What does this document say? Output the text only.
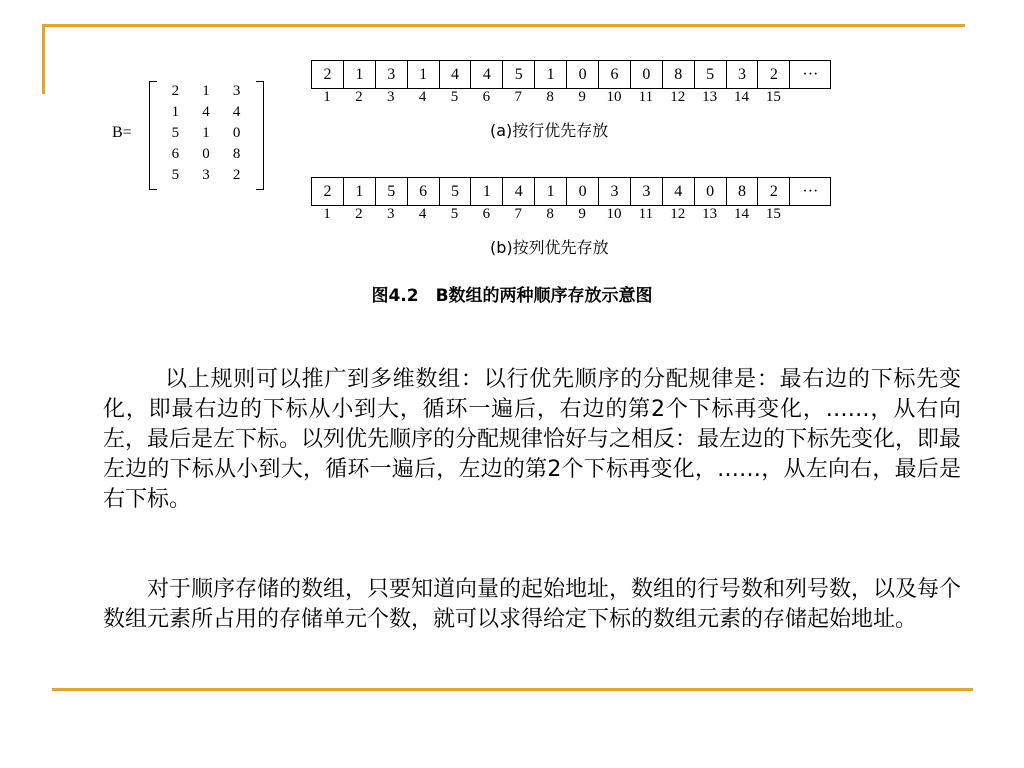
B=
2	1	3
1	4	4
5	1	0
6	0	8
5	3	2
2	1	3	1	4	4	5	1	0	6	0	8	5	3	2	···
1	2	3	4	5	6	7	8	9	10	11	12	13	14	15
(a)按行优先存放
2	1	5	6	5	1	4	1	0	3	3	4	0	8	2	···
1	2	3	4	5	6	7	8	9	10	11	12	13	14	15
(b)按列优先存放
图4.2　B数组的两种顺序存放示意图

以上规则可以推广到多维数组：以行优先顺序的分配规律是：最右边的下标先变化，即最右边的下标从小到大，循环一遍后，右边的第2个下标再变化，……，从右向左，最后是左下标。以列优先顺序的分配规律恰好与之相反：最左边的下标先变化，即最左边的下标从小到大，循环一遍后，左边的第2个下标再变化，……，从左向右，最后是右下标。

对于顺序存储的数组，只要知道向量的起始地址，数组的行号数和列号数，以及每个数组元素所占用的存储单元个数，就可以求得给定下标的数组元素的存储起始地址。
